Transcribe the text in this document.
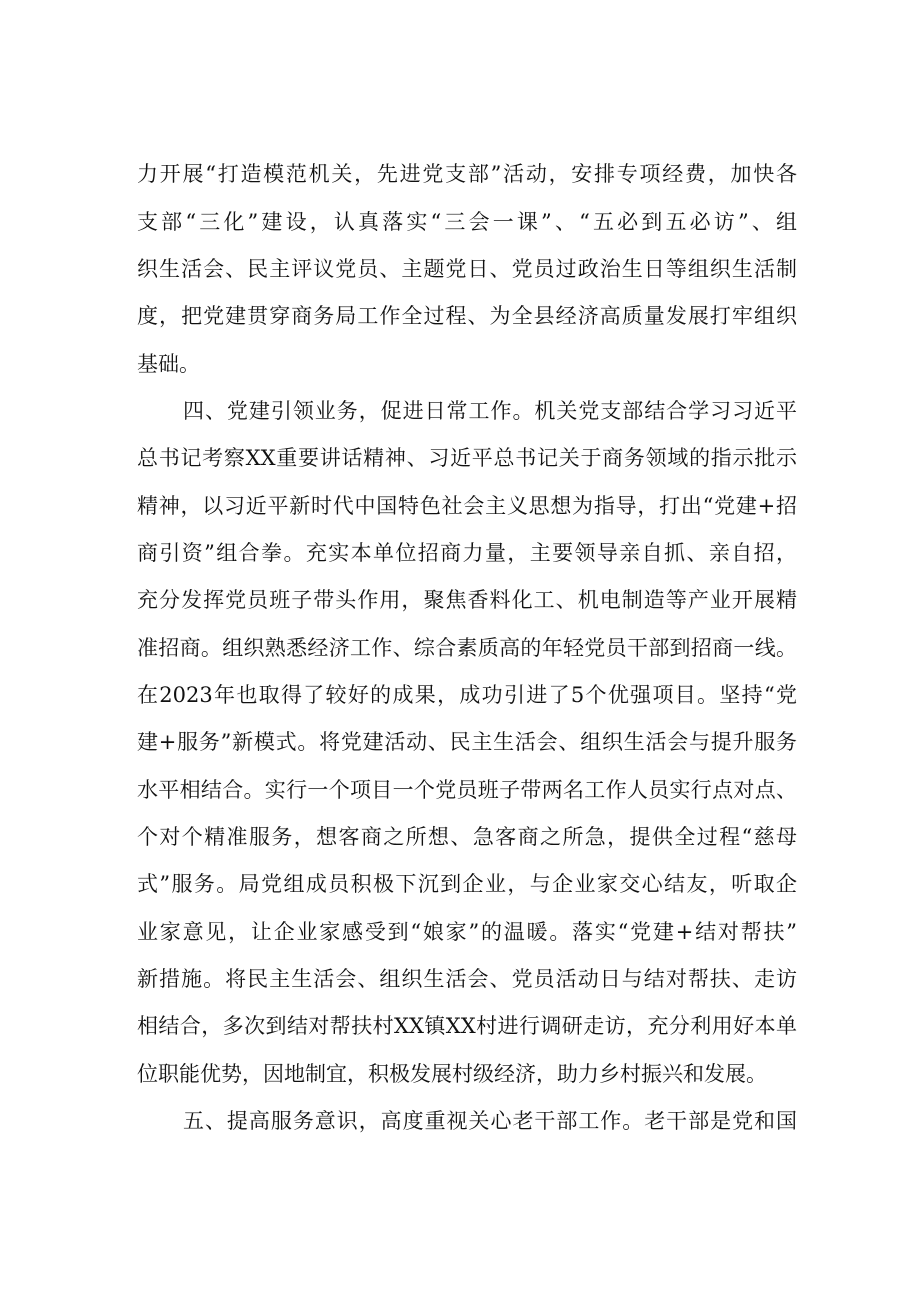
力开展“打造模范机关，先进党支部”活动，安排专项经费，加快各
支部“三化”建设，认真落实“三会一课”、“五必到五必访”、组
织生活会、民主评议党员、主题党日、党员过政治生日等组织生活制
度，把党建贯穿商务局工作全过程、为全县经济高质量发展打牢组织
基础。
四、党建引领业务，促进日常工作。机关党支部结合学习习近平
总书记考察XX重要讲话精神、习近平总书记关于商务领域的指示批示
精神，以习近平新时代中国特色社会主义思想为指导，打出“党建+招
商引资”组合拳。充实本单位招商力量，主要领导亲自抓、亲自招，
充分发挥党员班子带头作用，聚焦香料化工、机电制造等产业开展精
准招商。组织熟悉经济工作、综合素质高的年轻党员干部到招商一线。
在2023年也取得了较好的成果，成功引进了5个优强项目。坚持“党
建+服务”新模式。将党建活动、民主生活会、组织生活会与提升服务
水平相结合。实行一个项目一个党员班子带两名工作人员实行点对点、
个对个精准服务，想客商之所想、急客商之所急，提供全过程“慈母
式”服务。局党组成员积极下沉到企业，与企业家交心结友，听取企
业家意见，让企业家感受到“娘家”的温暖。落实“党建+结对帮扶”
新措施。将民主生活会、组织生活会、党员活动日与结对帮扶、走访
相结合，多次到结对帮扶村XX镇XX村进行调研走访，充分利用好本单
位职能优势，因地制宜，积极发展村级经济，助力乡村振兴和发展。
五、提高服务意识，高度重视关心老干部工作。老干部是党和国
